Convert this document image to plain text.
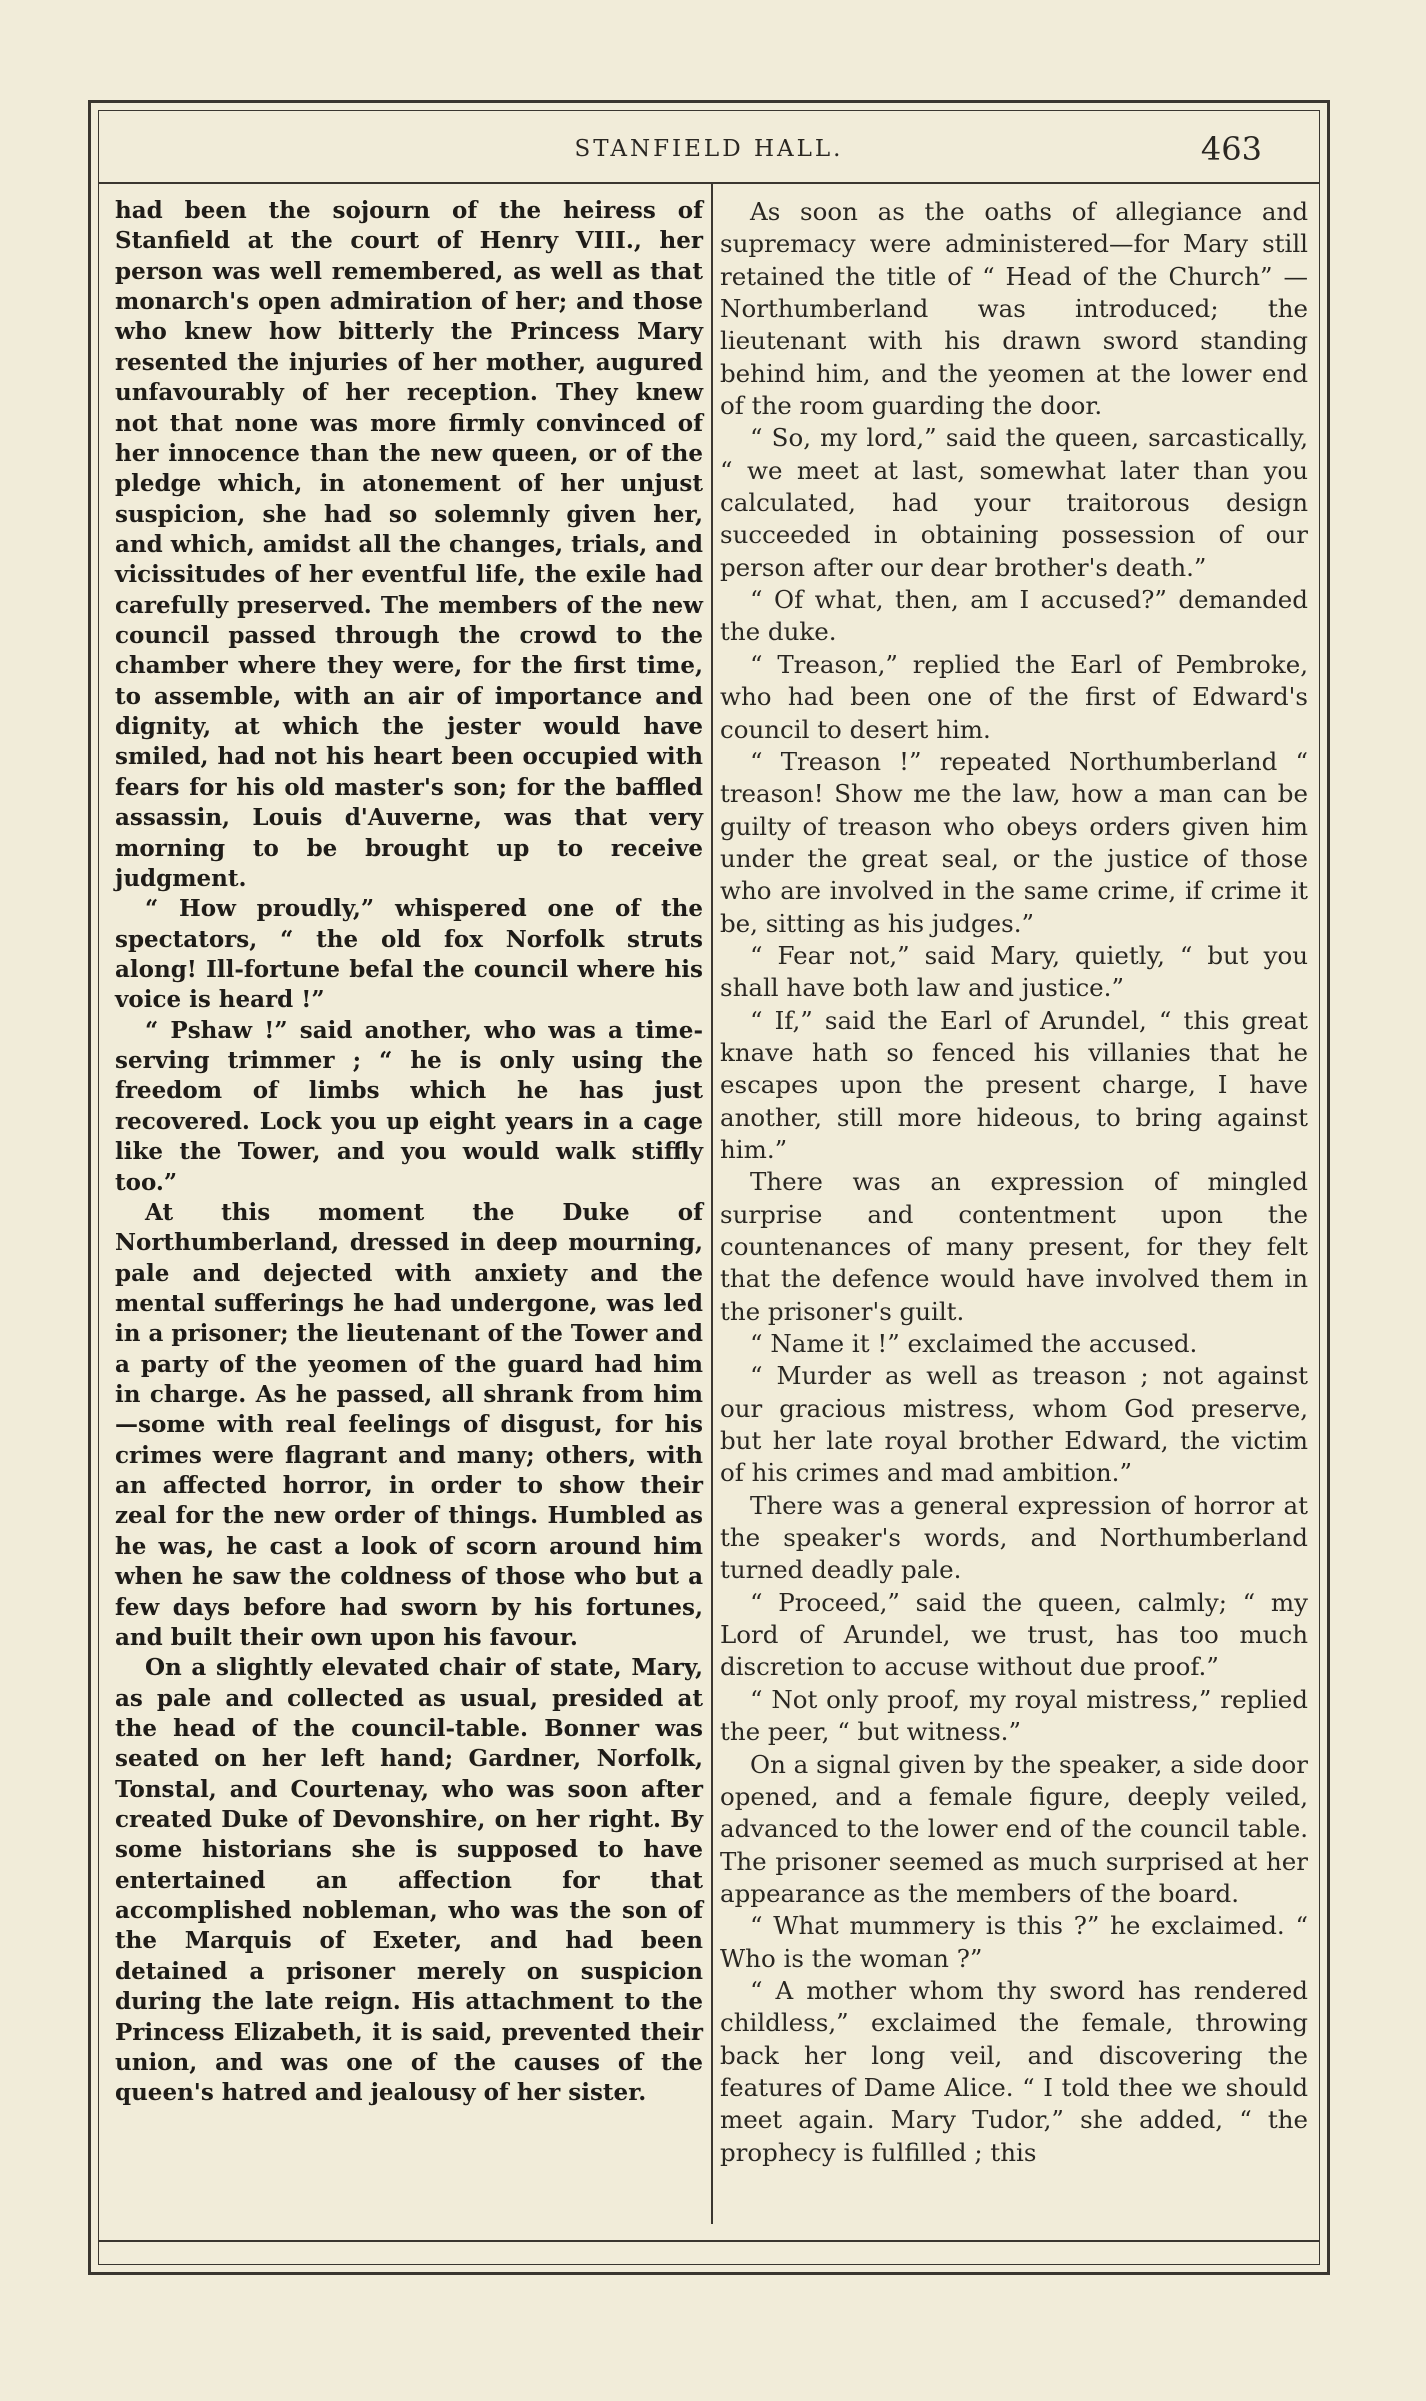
STANFIELD HALL.	463

had been the sojourn of the heiress of Stanfield at the court of Henry VIII., her person was well remembered, as well as that monarch's open admiration of her; and those who knew how bitterly the Princess Mary resented the injuries of her mother, augured unfavourably of her reception. They knew not that none was more firmly convinced of her innocence than the new queen, or of the pledge which, in atonement of her unjust suspicion, she had so solemnly given her, and which, amidst all the changes, trials, and vicissitudes of her eventful life, the exile had carefully preserved. The members of the new council passed through the crowd to the chamber where they were, for the first time, to assemble, with an air of importance and dignity, at which the jester would have smiled, had not his heart been occupied with fears for his old master's son; for the baffled assassin, Louis d'Auverne, was that very morning to be brought up to receive judgment.

“ How proudly,” whispered one of the spectators, “ the old fox Norfolk struts along! Ill-fortune befal the council where his voice is heard !”

“ Pshaw !” said another, who was a time-serving trimmer ; “ he is only using the freedom of limbs which he has just recovered. Lock you up eight years in a cage like the Tower, and you would walk stiffly too.”

At this moment the Duke of Northumberland, dressed in deep mourning, pale and dejected with anxiety and the mental sufferings he had undergone, was led in a prisoner; the lieutenant of the Tower and a party of the yeomen of the guard had him in charge. As he passed, all shrank from him—some with real feelings of disgust, for his crimes were flagrant and many; others, with an affected horror, in order to show their zeal for the new order of things. Humbled as he was, he cast a look of scorn around him when he saw the coldness of those who but a few days before had sworn by his fortunes, and built their own upon his favour.

On a slightly elevated chair of state, Mary, as pale and collected as usual, presided at the head of the council-table. Bonner was seated on her left hand; Gardner, Norfolk, Tonstal, and Courtenay, who was soon after created Duke of Devonshire, on her right. By some historians she is supposed to have entertained an affection for that accomplished nobleman, who was the son of the Marquis of Exeter, and had been detained a prisoner merely on suspicion during the late reign. His attachment to the Princess Elizabeth, it is said, prevented their union, and was one of the causes of the queen's hatred and jealousy of her sister.

As soon as the oaths of allegiance and supremacy were administered—for Mary still retained the title of “ Head of the Church” —Northumberland was introduced; the lieutenant with his drawn sword standing behind him, and the yeomen at the lower end of the room guarding the door.

“ So, my lord,” said the queen, sarcastically, “ we meet at last, somewhat later than you calculated, had your traitorous design succeeded in obtaining possession of our person after our dear brother's death.”

“ Of what, then, am I accused?” demanded the duke.

“ Treason,” replied the Earl of Pembroke, who had been one of the first of Edward's council to desert him.

“ Treason !” repeated Northumberland “ treason! Show me the law, how a man can be guilty of treason who obeys orders given him under the great seal, or the justice of those who are involved in the same crime, if crime it be, sitting as his judges.”

“ Fear not,” said Mary, quietly, “ but you shall have both law and justice.”

“ If,” said the Earl of Arundel, “ this great knave hath so fenced his villanies that he escapes upon the present charge, I have another, still more hideous, to bring against him.”

There was an expression of mingled surprise and contentment upon the countenances of many present, for they felt that the defence would have involved them in the prisoner's guilt.

“ Name it !” exclaimed the accused.

“ Murder as well as treason ; not against our gracious mistress, whom God preserve, but her late royal brother Edward, the victim of his crimes and mad ambition.”

There was a general expression of horror at the speaker's words, and Northumberland turned deadly pale.

“ Proceed,” said the queen, calmly; “ my Lord of Arundel, we trust, has too much discretion to accuse without due proof.”

“ Not only proof, my royal mistress,” replied the peer, “ but witness.”

On a signal given by the speaker, a side door opened, and a female figure, deeply veiled, advanced to the lower end of the council table. The prisoner seemed as much surprised at her appearance as the members of the board.

“ What mummery is this ?” he exclaimed. “ Who is the woman ?”

“ A mother whom thy sword has rendered childless,” exclaimed the female, throwing back her long veil, and discovering the features of Dame Alice. “ I told thee we should meet again. Mary Tudor,” she added, “ the prophecy is fulfilled ; this
